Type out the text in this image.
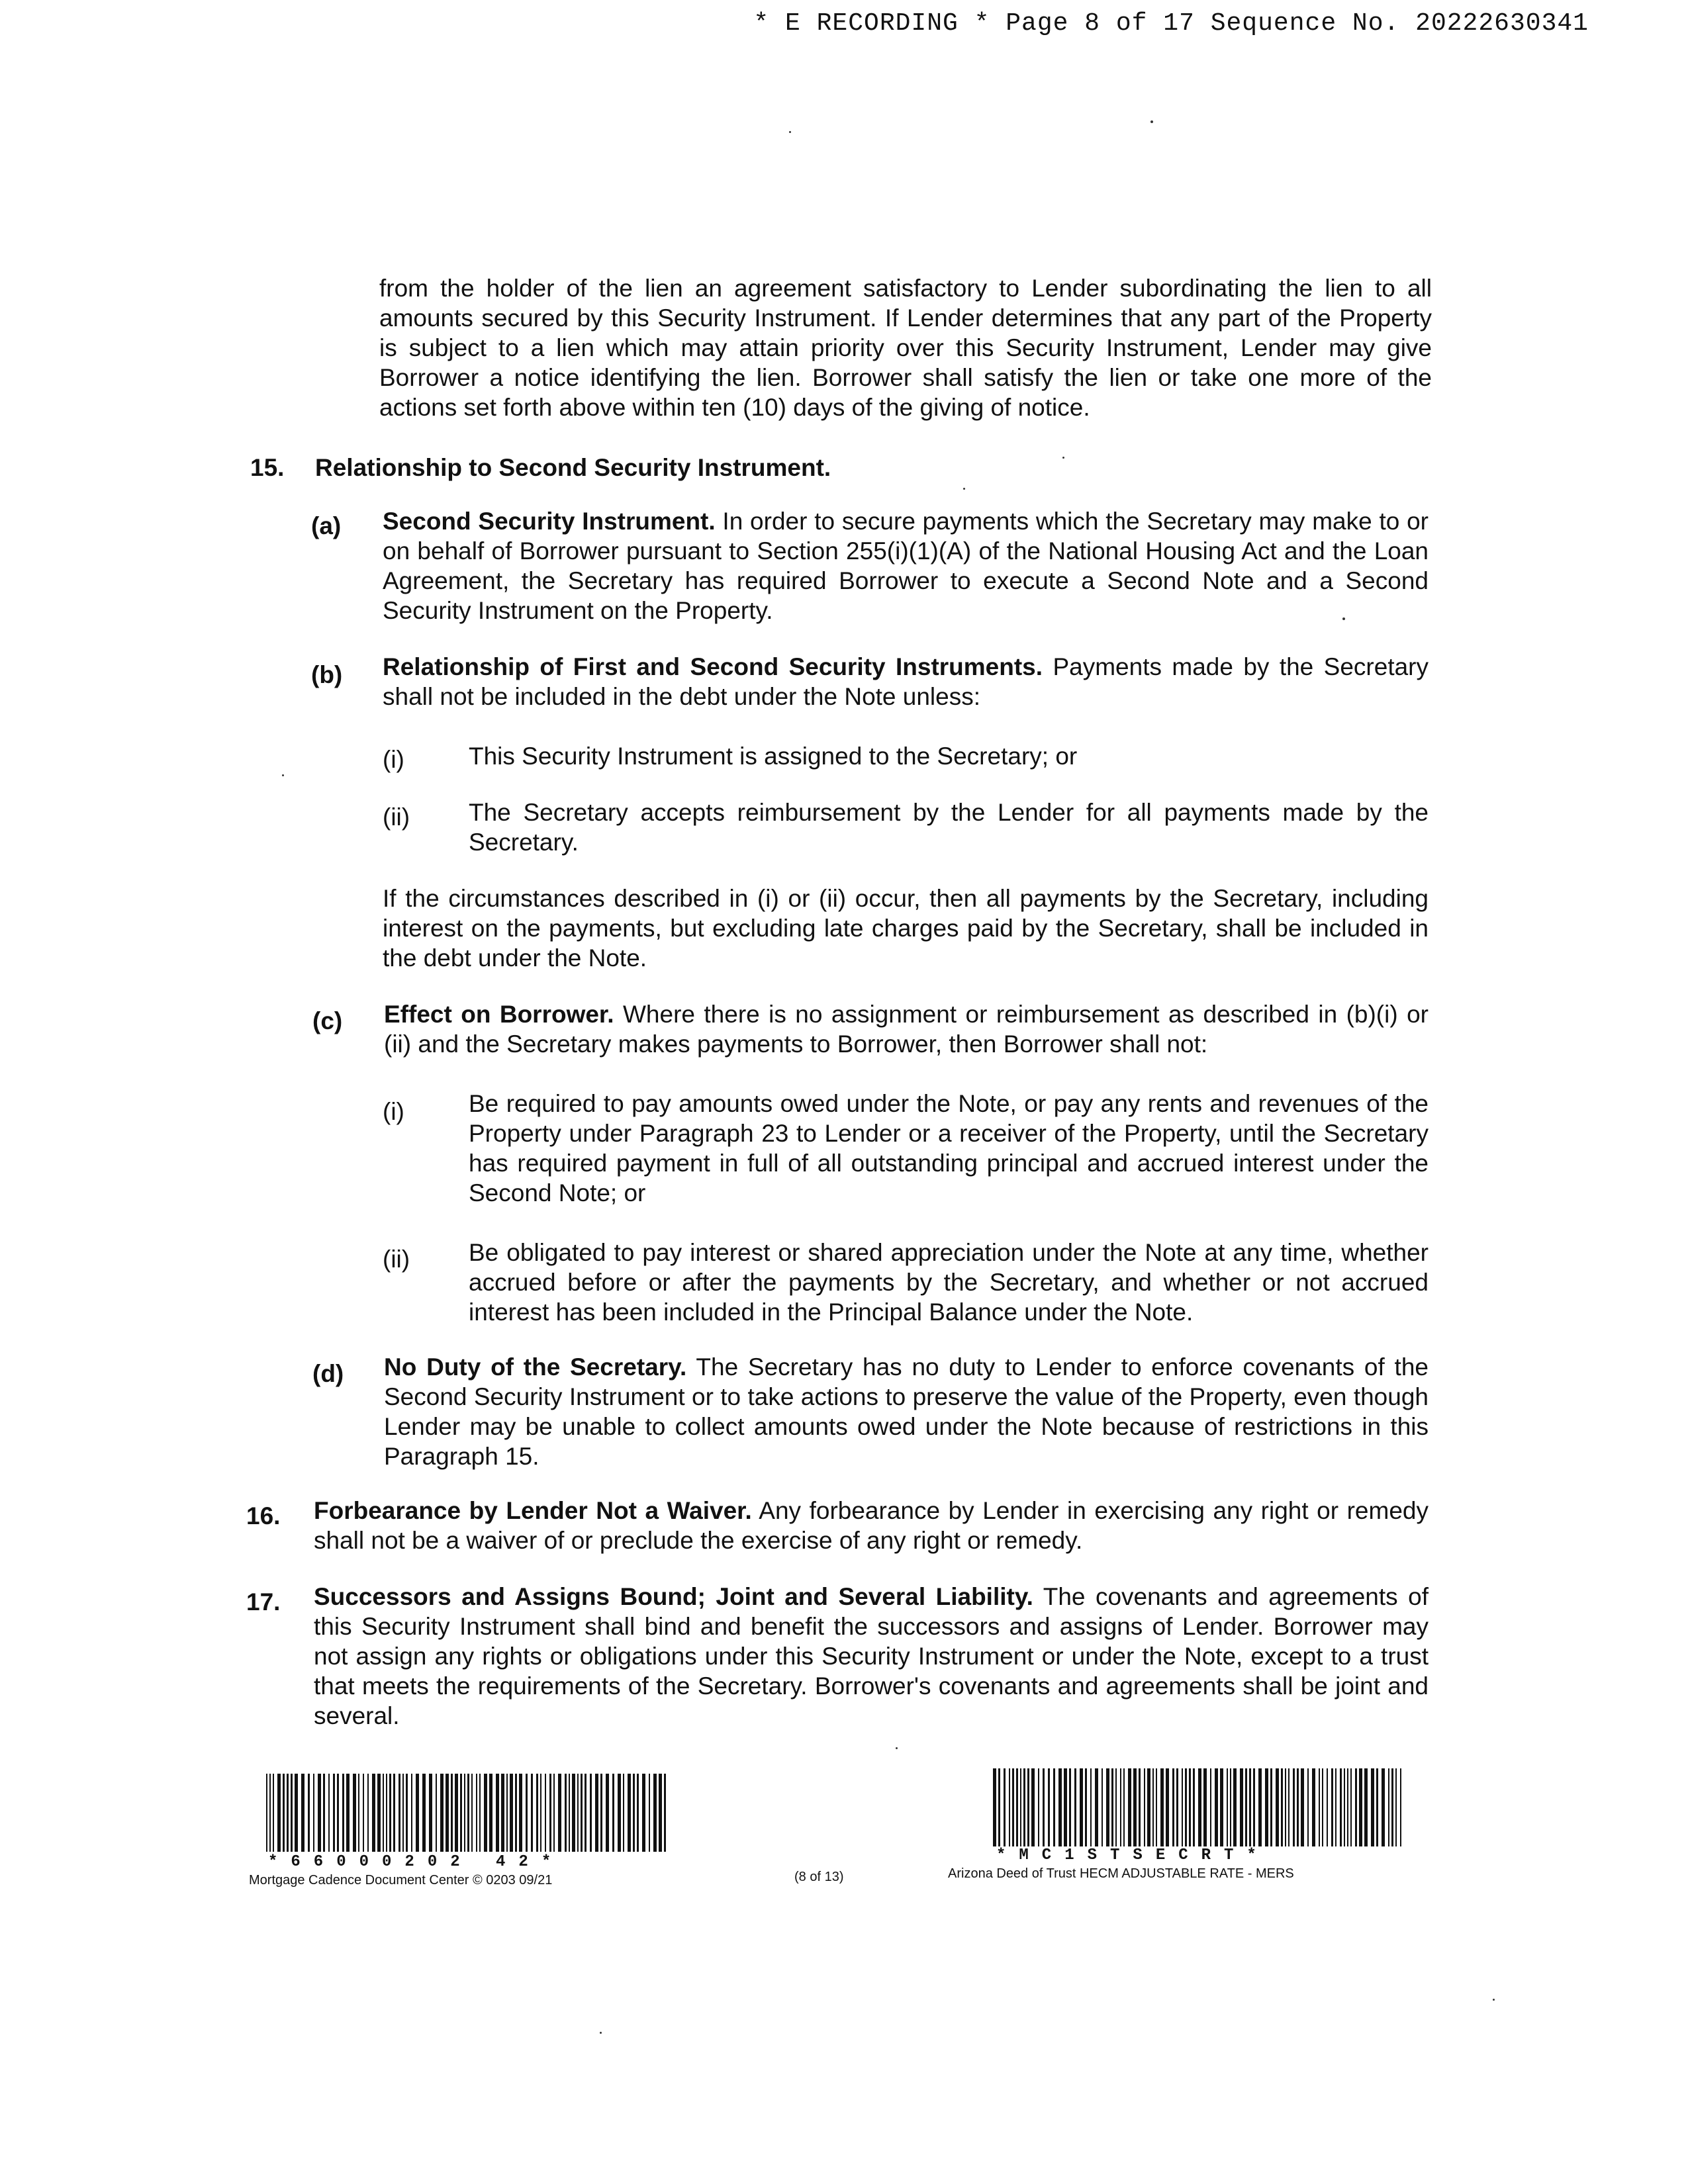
* E RECORDING * Page 8 of 17 Sequence No. 20222630341
from the holder of the lien an agreement satisfactory to Lender subordinating the lien to all amounts secured by this Security Instrument. If Lender determines that any part of the Property is subject to a lien which may attain priority over this Security Instrument, Lender may give Borrower a notice identifying the lien. Borrower shall satisfy the lien or take one more of the actions set forth above within ten (10) days of the giving of notice.
15. Relationship to Second Security Instrument.
(a) Second Security Instrument. In order to secure payments which the Secretary may make to or on behalf of Borrower pursuant to Section 255(i)(1)(A) of the National Housing Act and the Loan Agreement, the Secretary has required Borrower to execute a Second Note and a Second Security Instrument on the Property.
(b) Relationship of First and Second Security Instruments. Payments made by the Secretary shall not be included in the debt under the Note unless:
(i)	This Security Instrument is assigned to the Secretary; or
(ii) The Secretary accepts reimbursement by the Lender for all payments made by the Secretary.
If the circumstances described in (i) or (ii) occur, then all payments by the Secretary, including interest on the payments, but excluding late charges paid by the Secretary, shall be included in the debt under the Note.
(c) Effect on Borrower. Where there is no assignment or reimbursement as described in (b)(i) or (ii) and the Secretary makes payments to Borrower, then Borrower shall not:
(i)	Be required to pay amounts owed under the Note, or pay any rents and revenues of the Property under Paragraph 23 to Lender or a receiver of the Property, until the Secretary has required payment in full of all outstanding principal and accrued interest under the Second Note; or
(ii) Be obligated to pay interest or shared appreciation under the Note at any time, whether accrued before or after the payments by the Secretary, and whether or not accrued interest has been included in the Principal Balance under the Note.
(d) No Duty of the Secretary. The Secretary has no duty to Lender to enforce covenants of the Second Security Instrument or to take actions to preserve the value of the Property, even though Lender may be unable to collect amounts owed under the Note because of restrictions in this Paragraph 15.
16. Forbearance by Lender Not a Waiver. Any forbearance by Lender in exercising any right or remedy shall not be a waiver of or preclude the exercise of any right or remedy.
17. Successors and Assigns Bound; Joint and Several Liability. The covenants and agreements of this Security Instrument shall bind and benefit the successors and assigns of Lender. Borrower may not assign any rights or obligations under this Security Instrument or under the Note, except to a trust that meets the requirements of the Secretary. Borrower's covenants and agreements shall be joint and several.
*66000202 42*	*MC1STSECRT*
Mortgage Cadence Document Center © 0203 09/21	(8 of 13)	Arizona Deed of Trust HECM ADJUSTABLE RATE - MERS
